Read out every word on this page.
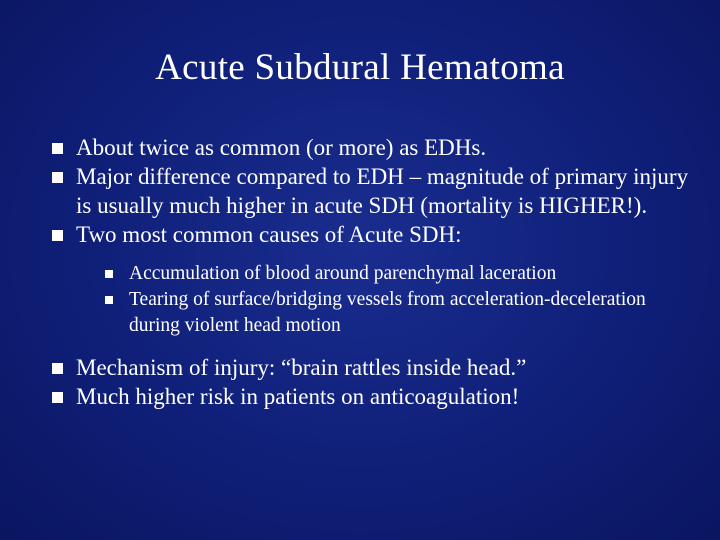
Acute Subdural Hematoma
About twice as common (or more) as EDHs.
Major difference compared to EDH – magnitude of primary injury is usually much higher in acute SDH (mortality is HIGHER!).
Two most common causes of Acute SDH:
Accumulation of blood around parenchymal laceration
Tearing of surface/bridging vessels from acceleration-deceleration during violent head motion
Mechanism of injury: “brain rattles inside head.”
Much higher risk in patients on anticoagulation!
